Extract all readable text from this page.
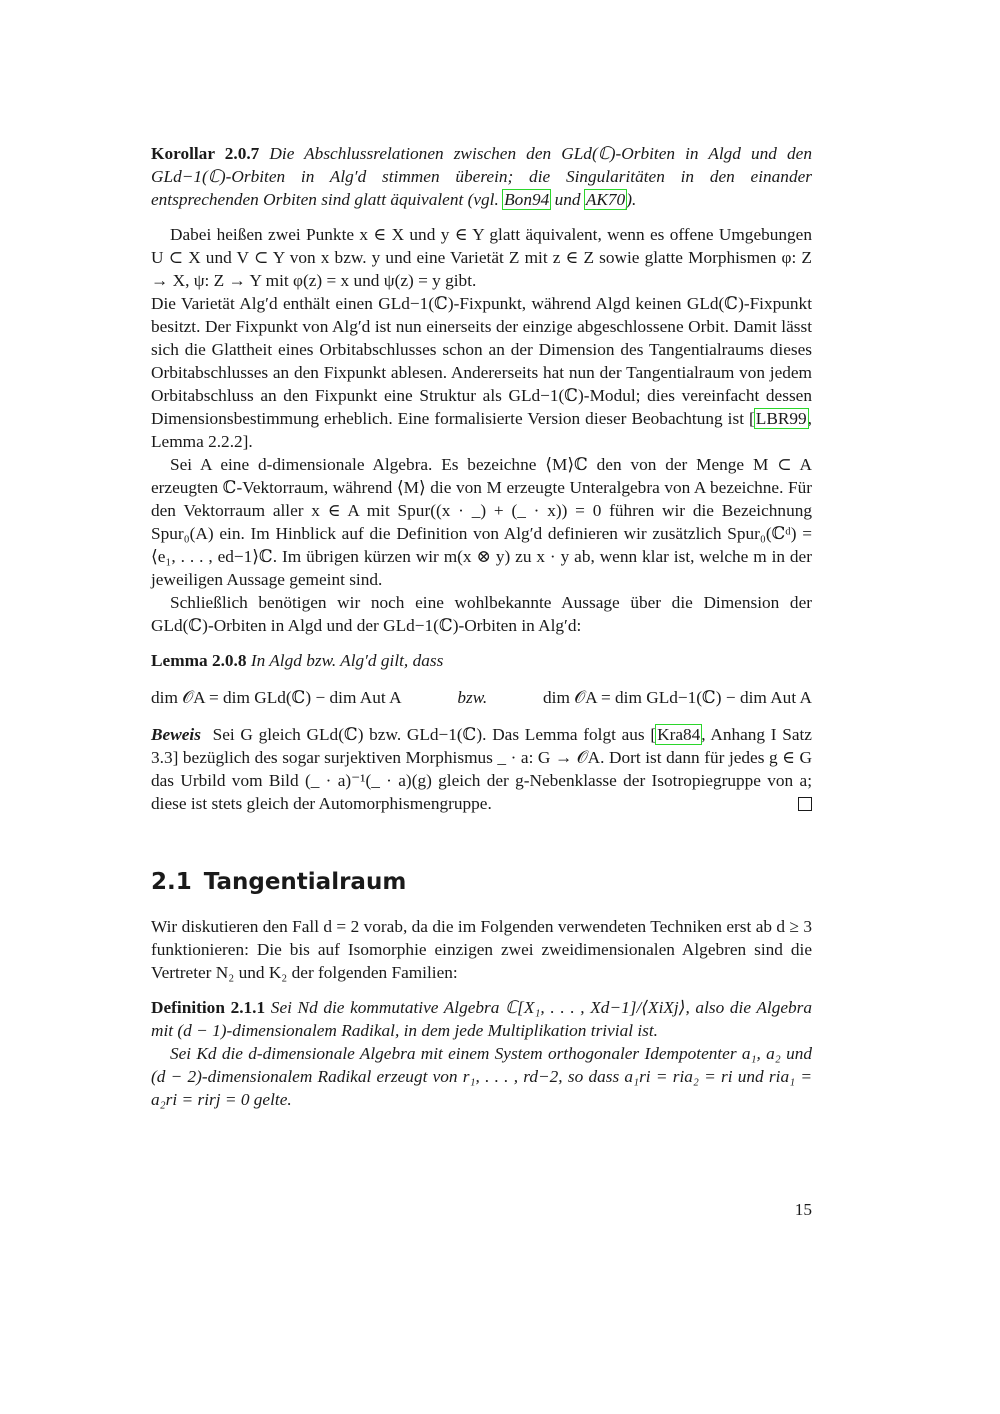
Korollar 2.0.7 Die Abschlussrelationen zwischen den GLd(ℂ)-Orbiten in Algd und den GLd−1(ℂ)-Orbiten in Alg′d stimmen überein; die Singularitäten in den einander entsprechenden Orbiten sind glatt äquivalent (vgl. Bon94 und AK70).

Dabei heißen zwei Punkte x ∈ X und y ∈ Y glatt äquivalent, wenn es offene Umgebungen U ⊂ X und V ⊂ Y von x bzw. y und eine Varietät Z mit z ∈ Z sowie glatte Morphismen φ: Z → X, ψ: Z → Y mit φ(z) = x und ψ(z) = y gibt.

Die Varietät Alg′d enthält einen GLd−1(ℂ)-Fixpunkt, während Algd keinen GLd(ℂ)-Fixpunkt besitzt. Der Fixpunkt von Alg′d ist nun einerseits der einzige abgeschlossene Orbit. Damit lässt sich die Glattheit eines Orbitabschlusses schon an der Dimension des Tangentialraums dieses Orbitabschlusses an den Fixpunkt ablesen. Andererseits hat nun der Tangentialraum von jedem Orbitabschluss an den Fixpunkt eine Struktur als GLd−1(ℂ)-Modul; dies vereinfacht dessen Dimensionsbestimmung erheblich. Eine formalisierte Version dieser Beobachtung ist [LBR99, Lemma 2.2.2].

Sei A eine d-dimensionale Algebra. Es bezeichne ⟨M⟩ℂ den von der Menge M ⊂ A erzeugten ℂ-Vektorraum, während ⟨M⟩ die von M erzeugte Unteralgebra von A bezeichne. Für den Vektorraum aller x ∈ A mit Spur((x · _) + (_ · x)) = 0 führen wir die Bezeichnung Spur₀(A) ein. Im Hinblick auf die Definition von Alg′d definieren wir zusätzlich Spur₀(ℂᵈ) = ⟨e₁, . . . , ed−1⟩ℂ. Im übrigen kürzen wir m(x ⊗ y) zu x · y ab, wenn klar ist, welche m in der jeweiligen Aussage gemeint sind.

Schließlich benötigen wir noch eine wohlbekannte Aussage über die Dimension der GLd(ℂ)-Orbiten in Algd und der GLd−1(ℂ)-Orbiten in Alg′d:

Lemma 2.0.8 In Algd bzw. Alg′d gilt, dass

dim 𝒪A = dim GLd(ℂ) − dim Aut A	bzw.	dim 𝒪A = dim GLd−1(ℂ) − dim Aut A

Beweis Sei G gleich GLd(ℂ) bzw. GLd−1(ℂ). Das Lemma folgt aus [Kra84, Anhang I Satz 3.3] bezüglich des sogar surjektiven Morphismus _ · a: G → 𝒪A. Dort ist dann für jedes g ∈ G das Urbild vom Bild (_ · a)⁻¹(_ · a)(g) gleich der g-Nebenklasse der Isotropiegruppe von a; diese ist stets gleich der Automorphismengruppe.

2.1 Tangentialraum

Wir diskutieren den Fall d = 2 vorab, da die im Folgenden verwendeten Techniken erst ab d ≥ 3 funktionieren: Die bis auf Isomorphie einzigen zwei zweidimensionalen Algebren sind die Vertreter N₂ und K₂ der folgenden Familien:

Definition 2.1.1 Sei Nd die kommutative Algebra ℂ[X₁, . . . , Xd−1]/⟨XiXj⟩, also die Algebra mit (d − 1)-dimensionalem Radikal, in dem jede Multiplikation trivial ist.

Sei Kd die d-dimensionale Algebra mit einem System orthogonaler Idempotenter a₁, a₂ und (d − 2)-dimensionalem Radikal erzeugt von r₁, . . . , rd−2, so dass a₁ri = ria₂ = ri und ria₁ = a₂ri = rirj = 0 gelte.

15
